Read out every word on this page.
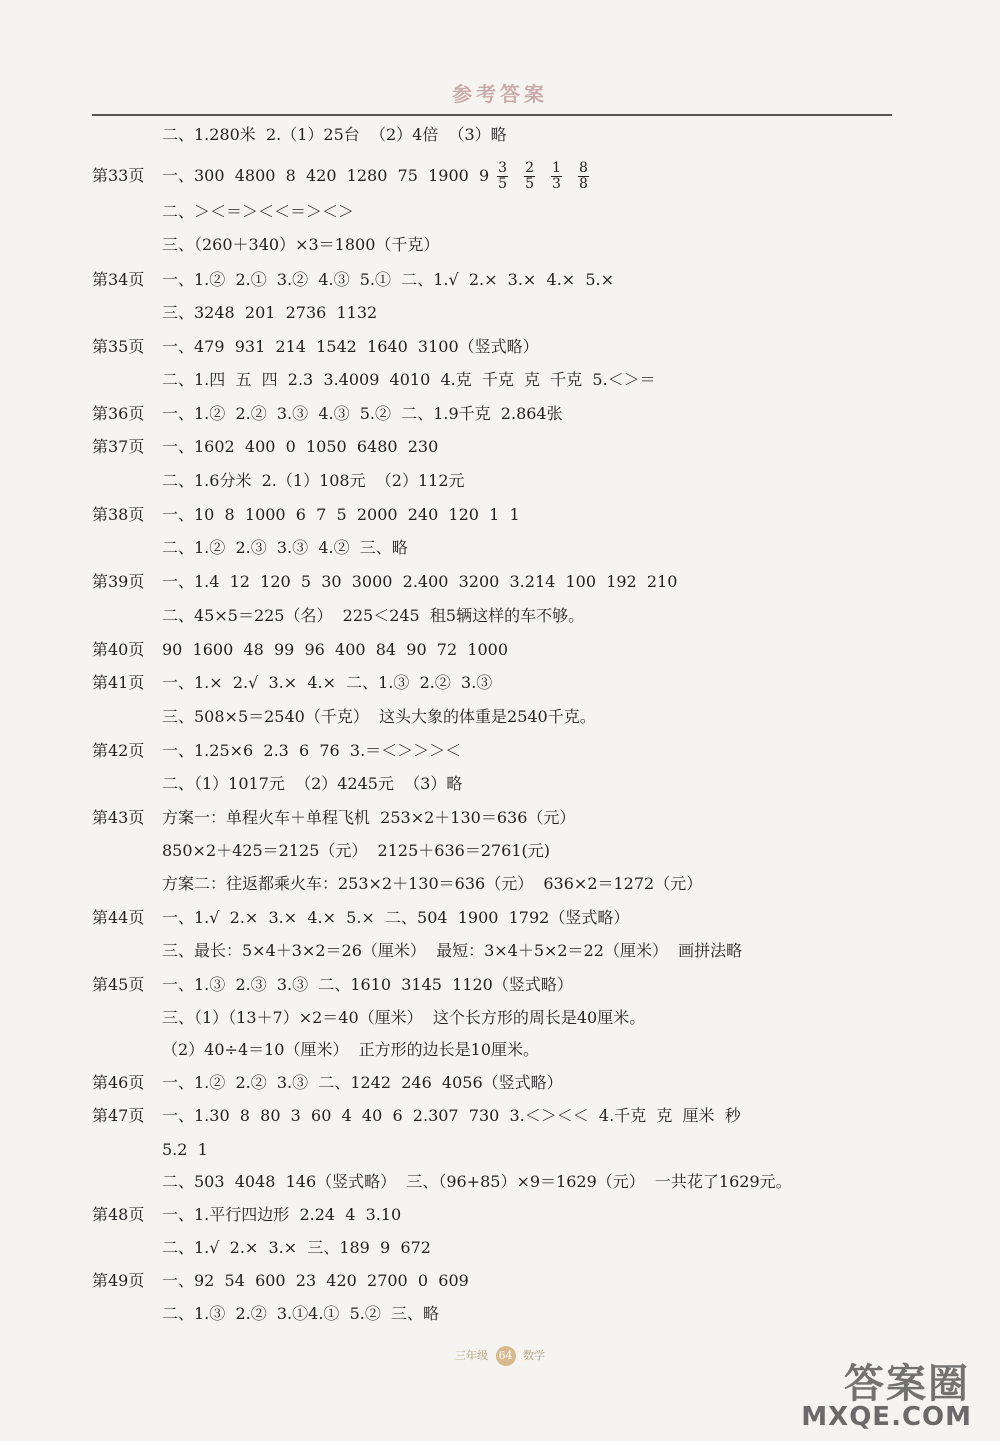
参考答案
二、1.280米  2.（1）25台  （2）4倍  （3）略
第33页 一、300  4800  8  420  1280  75  1900  $9 \frac{3}{5} \frac{2}{5} \frac{1}{3} \frac{8}{8}$
二、＞＜＝＞＜＜＝＞＜＞
三、（260＋340）×3＝1800（千克）
第34页 一、1.②  2.①  3.②  4.③  5.①  二、1.√  2.×  3.×  4.×  5.×
三、3248  201  2736  1132
第35页 一、479  931  214  1542  1640  3100（竖式略）
二、1.四  五  四  2.3  3.4009  4010  4.克  千克  克  千克  5.＜＞＝
第36页 一、1.②  2.②  3.③  4.③  5.②  二、1.9千克  2.864张
第37页 一、1602  400  0  1050  6480  230
二、1.6分米  2.（1）108元  （2）112元
第38页 一、10  8  1000  6  7  5  2000  240  120  1  1
二、1.②  2.③  3.③  4.②  三、略
第39页 一、1.4  12  120  5  30  3000  2.400  3200  3.214  100  192  210
二、45×5＝225（名）  225＜245  租5辆这样的车不够。
第40页 90  1600  48  99  96  400  84  90  72  1000
第41页 一、1.×  2.√  3.×  4.×  二、1.③  2.②  3.③
三、508×5＝2540（千克）  这头大象的体重是2540千克。
第42页 一、1.25×6  2.3  6  76  3.＝＜＞＞＞＜
二、（1）1017元  （2）4245元  （3）略
第43页 方案一：单程火车＋单程飞机  253×2＋130＝636（元）
850×2＋425＝2125（元）  2125＋636＝2761(元)
方案二：往返都乘火车：253×2＋130＝636（元）  636×2＝1272（元）
第44页 一、1.√  2.×  3.×  4.×  5.×  二、504  1900  1792（竖式略）
三、最长：5×4＋3×2＝26（厘米）  最短：3×4＋5×2＝22（厘米）  画拼法略
第45页 一、1.③  2.③  3.③  二、1610  3145  1120（竖式略）
三、（1）（13＋7）×2＝40（厘米）  这个长方形的周长是40厘米。
（2）40÷4＝10（厘米）  正方形的边长是10厘米。
第46页 一、1.②  2.②  3.③  二、1242  246  4056（竖式略）
第47页 一、1.30  8  80  3  60  4  40  6  2.307  730  3.＜＞＜＜  4.千克  克  厘米  秒
5.2  1
二、503  4048  146（竖式略）  三、（96+85）×9＝1629（元）  一共花了1629元。
第48页 一、1.平行四边形  2.24  4  3.10
二、1.√  2.×  3.×  三、189  9  672
第49页 一、92  54  600  23  420  2700  0  609
二、1.③  2.②  3.①4.①  5.②  三、略
三年级 64 数学
答案圈
MXQE.COM
